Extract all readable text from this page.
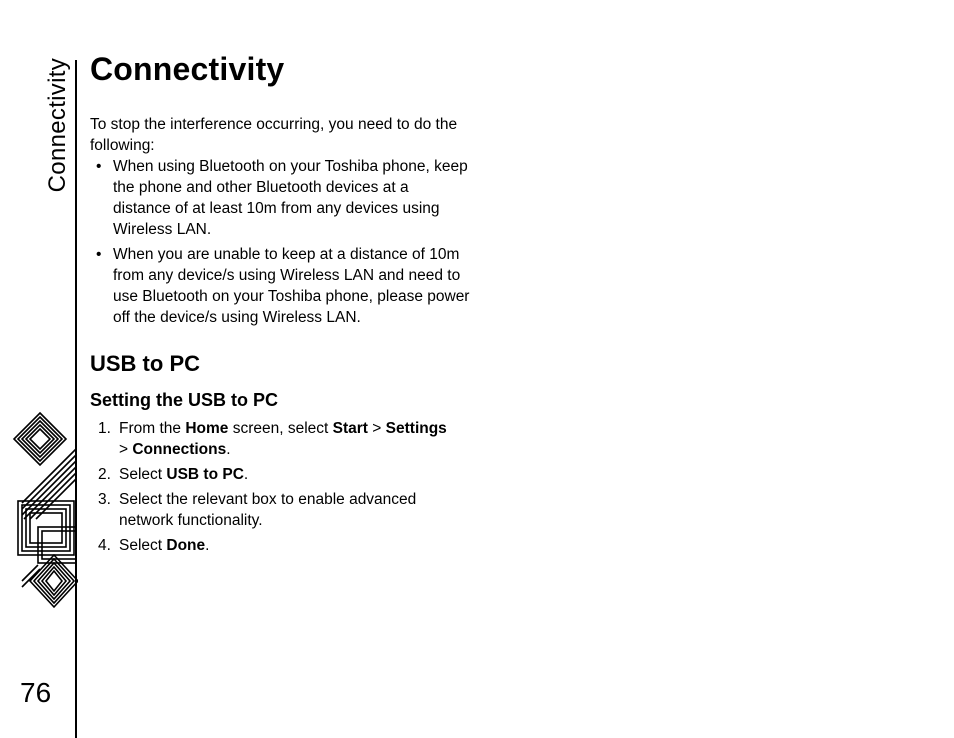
Connectivity
76
Connectivity

To stop the interference occurring, you need to do the following:

• When using Bluetooth on your Toshiba phone, keep the phone and other Bluetooth devices at a distance of at least 10m from any devices using Wireless LAN.
• When you are unable to keep at a distance of 10m from any device/s using Wireless LAN and need to use Bluetooth on your Toshiba phone, please power off the device/s using Wireless LAN.
USB to PC
Setting the USB to PC
1. From the Home screen, select Start > Settings
> Connections.
2. Select USB to PC.
3. Select the relevant box to enable advanced network functionality.
4. Select Done.
